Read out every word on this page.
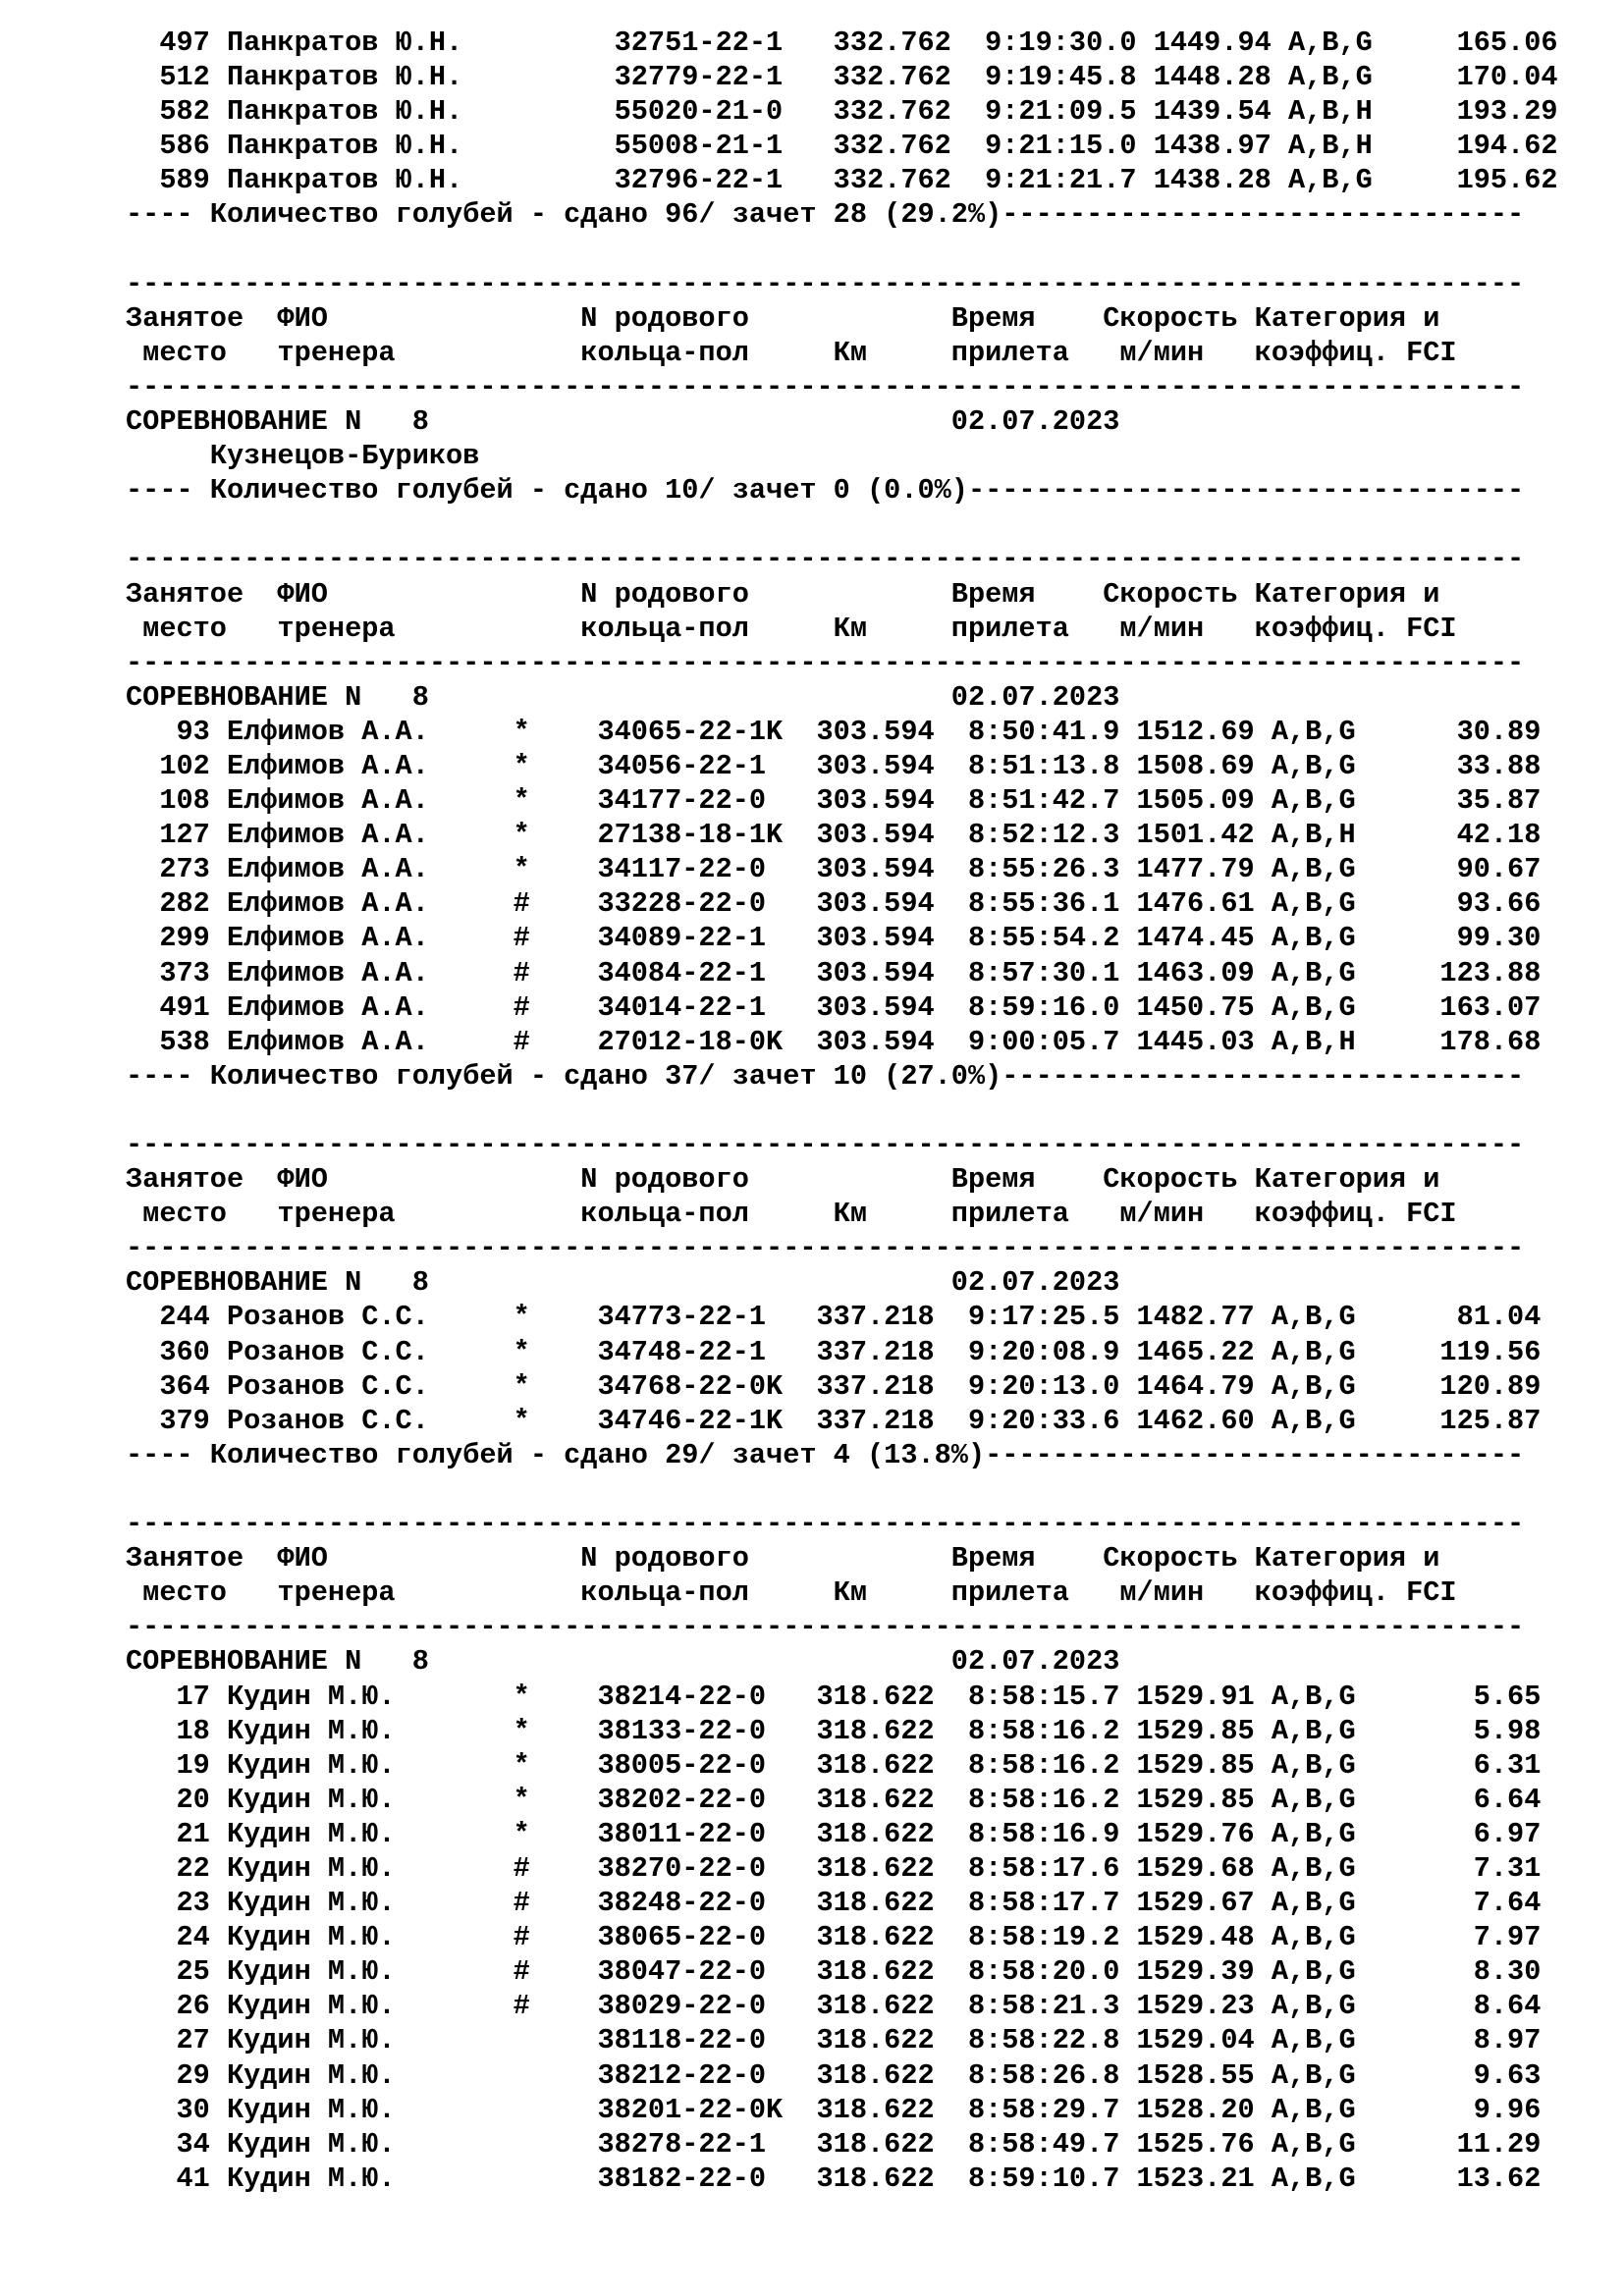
497 Панкратов Ю.Н.         32751-22-1   332.762  9:19:30.0 1449.94 A,B,G     165.06
512 Панкратов Ю.Н.         32779-22-1   332.762  9:19:45.8 1448.28 A,B,G     170.04
582 Панкратов Ю.Н.         55020-21-0   332.762  9:21:09.5 1439.54 A,B,H     193.29
586 Панкратов Ю.Н.         55008-21-1   332.762  9:21:15.0 1438.97 A,B,H     194.62
589 Панкратов Ю.Н.         32796-22-1   332.762  9:21:21.7 1438.28 A,B,G     195.62
---- Количество голубей - сдано 96/ зачет 28 (29.2%)-------------------------------
-----------------------------------------------------------------------------------
Занятое  ФИО               N родового            Время    Скорость Категория и
место   тренера           кольца-пол     Км     прилета   м/мин   коэффиц. FCI
-----------------------------------------------------------------------------------
СОРЕВНОВАНИЕ N   8                               02.07.2023
Кузнецов-Буриков
---- Количество голубей - сдано 10/ зачет 0 (0.0%)---------------------------------
-----------------------------------------------------------------------------------
Занятое  ФИО               N родового            Время    Скорость Категория и
место   тренера           кольца-пол     Км     прилета   м/мин   коэффиц. FCI
-----------------------------------------------------------------------------------
СОРЕВНОВАНИЕ N   8                               02.07.2023
93 Елфимов А.А.     *    34065-22-1K  303.594  8:50:41.9 1512.69 A,B,G      30.89
102 Елфимов А.А.     *    34056-22-1   303.594  8:51:13.8 1508.69 A,B,G      33.88
108 Елфимов А.А.     *    34177-22-0   303.594  8:51:42.7 1505.09 A,B,G      35.87
127 Елфимов А.А.     *    27138-18-1K  303.594  8:52:12.3 1501.42 A,B,H      42.18
273 Елфимов А.А.     *    34117-22-0   303.594  8:55:26.3 1477.79 A,B,G      90.67
282 Елфимов А.А.     #    33228-22-0   303.594  8:55:36.1 1476.61 A,B,G      93.66
299 Елфимов А.А.     #    34089-22-1   303.594  8:55:54.2 1474.45 A,B,G      99.30
373 Елфимов А.А.     #    34084-22-1   303.594  8:57:30.1 1463.09 A,B,G     123.88
491 Елфимов А.А.     #    34014-22-1   303.594  8:59:16.0 1450.75 A,B,G     163.07
538 Елфимов А.А.     #    27012-18-0K  303.594  9:00:05.7 1445.03 A,B,H     178.68
---- Количество голубей - сдано 37/ зачет 10 (27.0%)-------------------------------
-----------------------------------------------------------------------------------
Занятое  ФИО               N родового            Время    Скорость Категория и
место   тренера           кольца-пол     Км     прилета   м/мин   коэффиц. FCI
-----------------------------------------------------------------------------------
СОРЕВНОВАНИЕ N   8                               02.07.2023
244 Розанов С.С.     *    34773-22-1   337.218  9:17:25.5 1482.77 A,B,G      81.04
360 Розанов С.С.     *    34748-22-1   337.218  9:20:08.9 1465.22 A,B,G     119.56
364 Розанов С.С.     *    34768-22-0K  337.218  9:20:13.0 1464.79 A,B,G     120.89
379 Розанов С.С.     *    34746-22-1K  337.218  9:20:33.6 1462.60 A,B,G     125.87
---- Количество голубей - сдано 29/ зачет 4 (13.8%)--------------------------------
-----------------------------------------------------------------------------------
Занятое  ФИО               N родового            Время    Скорость Категория и
место   тренера           кольца-пол     Км     прилета   м/мин   коэффиц. FCI
-----------------------------------------------------------------------------------
СОРЕВНОВАНИЕ N   8                               02.07.2023
17 Кудин М.Ю.       *    38214-22-0   318.622  8:58:15.7 1529.91 A,B,G       5.65
18 Кудин М.Ю.       *    38133-22-0   318.622  8:58:16.2 1529.85 A,B,G       5.98
19 Кудин М.Ю.       *    38005-22-0   318.622  8:58:16.2 1529.85 A,B,G       6.31
20 Кудин М.Ю.       *    38202-22-0   318.622  8:58:16.2 1529.85 A,B,G       6.64
21 Кудин М.Ю.       *    38011-22-0   318.622  8:58:16.9 1529.76 A,B,G       6.97
22 Кудин М.Ю.       #    38270-22-0   318.622  8:58:17.6 1529.68 A,B,G       7.31
23 Кудин М.Ю.       #    38248-22-0   318.622  8:58:17.7 1529.67 A,B,G       7.64
24 Кудин М.Ю.       #    38065-22-0   318.622  8:58:19.2 1529.48 A,B,G       7.97
25 Кудин М.Ю.       #    38047-22-0   318.622  8:58:20.0 1529.39 A,B,G       8.30
26 Кудин М.Ю.       #    38029-22-0   318.622  8:58:21.3 1529.23 A,B,G       8.64
27 Кудин М.Ю.            38118-22-0   318.622  8:58:22.8 1529.04 A,B,G       8.97
29 Кудин М.Ю.            38212-22-0   318.622  8:58:26.8 1528.55 A,B,G       9.63
30 Кудин М.Ю.            38201-22-0K  318.622  8:58:29.7 1528.20 A,B,G       9.96
34 Кудин М.Ю.            38278-22-1   318.622  8:58:49.7 1525.76 A,B,G      11.29
41 Кудин М.Ю.            38182-22-0   318.622  8:59:10.7 1523.21 A,B,G      13.62
